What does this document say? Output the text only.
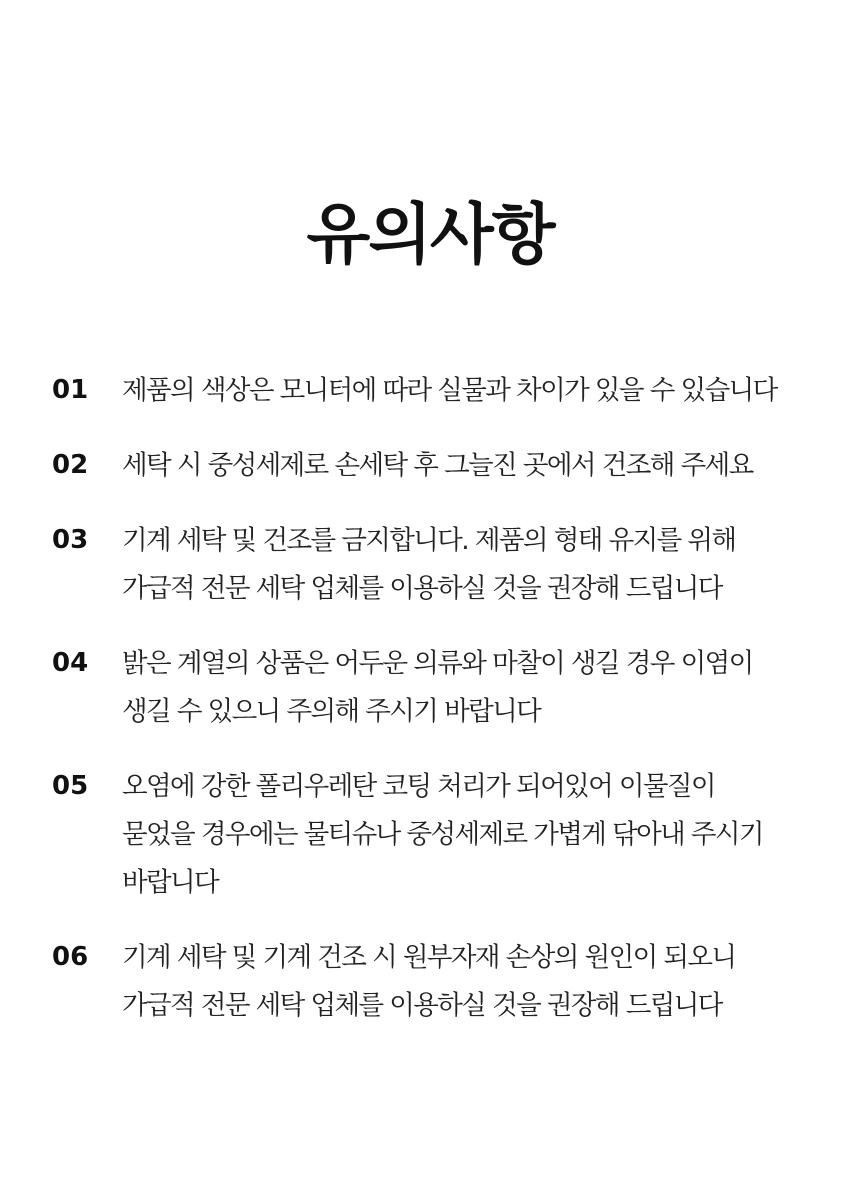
유의사항
01	제품의 색상은 모니터에 따라 실물과 차이가 있을 수 있습니다
02	세탁 시 중성세제로 손세탁 후 그늘진 곳에서 건조해 주세요
03	기계 세탁 및 건조를 금지합니다. 제품의 형태 유지를 위해
가급적 전문 세탁 업체를 이용하실 것을 권장해 드립니다
04	밝은 계열의 상품은 어두운 의류와 마찰이 생길 경우 이염이
생길 수 있으니 주의해 주시기 바랍니다
05	오염에 강한 폴리우레탄 코팅 처리가 되어있어 이물질이
묻었을 경우에는 물티슈나 중성세제로 가볍게 닦아내 주시기
바랍니다
06	기계 세탁 및 기계 건조 시 원부자재 손상의 원인이 되오니
가급적 전문 세탁 업체를 이용하실 것을 권장해 드립니다
